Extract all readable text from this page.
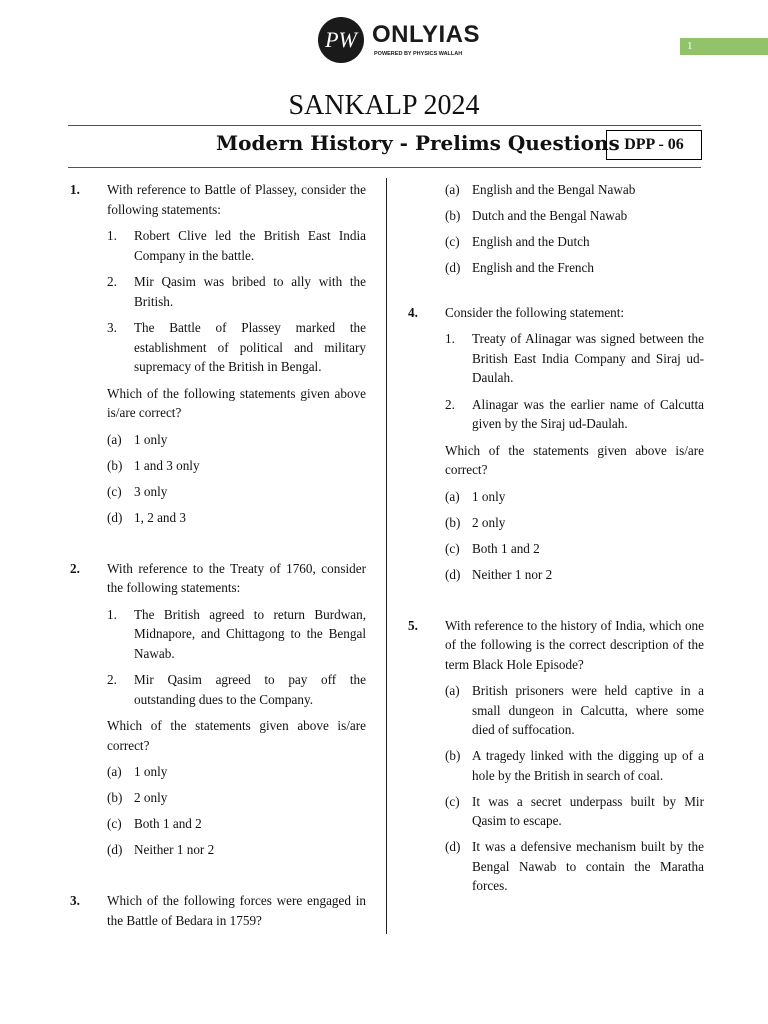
PW ONLYIAS
POWERED BY PHYSICS WALLAH
1
SANKALP 2024
Modern History - Prelims Questions DPP - 06
1.	With reference to Battle of Plassey, consider the following statements:
1.	Robert Clive led the British East India Company in the battle.
2.	Mir Qasim was bribed to ally with the British.
3.	The Battle of Plassey marked the establishment of political and military supremacy of the British in Bengal.
Which of the following statements given above is/are correct?
(a) 1 only
(b) 1 and 3 only
(c) 3 only
(d) 1, 2 and 3
2.	With reference to the Treaty of 1760, consider the following statements:
1.	The British agreed to return Burdwan, Midnapore, and Chittagong to the Bengal Nawab.
2.	Mir Qasim agreed to pay off the outstanding dues to the Company.
Which of the statements given above is/are correct?
(a) 1 only
(b) 2 only
(c) Both 1 and 2
(d) Neither 1 nor 2
3.	Which of the following forces were engaged in the Battle of Bedara in 1759?
(a) English and the Bengal Nawab
(b) Dutch and the Bengal Nawab
(c) English and the Dutch
(d) English and the French
4.	Consider the following statement:
1.	Treaty of Alinagar was signed between the British East India Company and Siraj ud-Daulah.
2.	Alinagar was the earlier name of Calcutta given by the Siraj ud-Daulah.
Which of the statements given above is/are correct?
(a) 1 only
(b) 2 only
(c) Both 1 and 2
(d) Neither 1 nor 2
5.	With reference to the history of India, which one of the following is the correct description of the term Black Hole Episode?
(a) British prisoners were held captive in a small dungeon in Calcutta, where some died of suffocation.
(b) A tragedy linked with the digging up of a hole by the British in search of coal.
(c) It was a secret underpass built by Mir Qasim to escape.
(d) It was a defensive mechanism built by the Bengal Nawab to contain the Maratha forces.
